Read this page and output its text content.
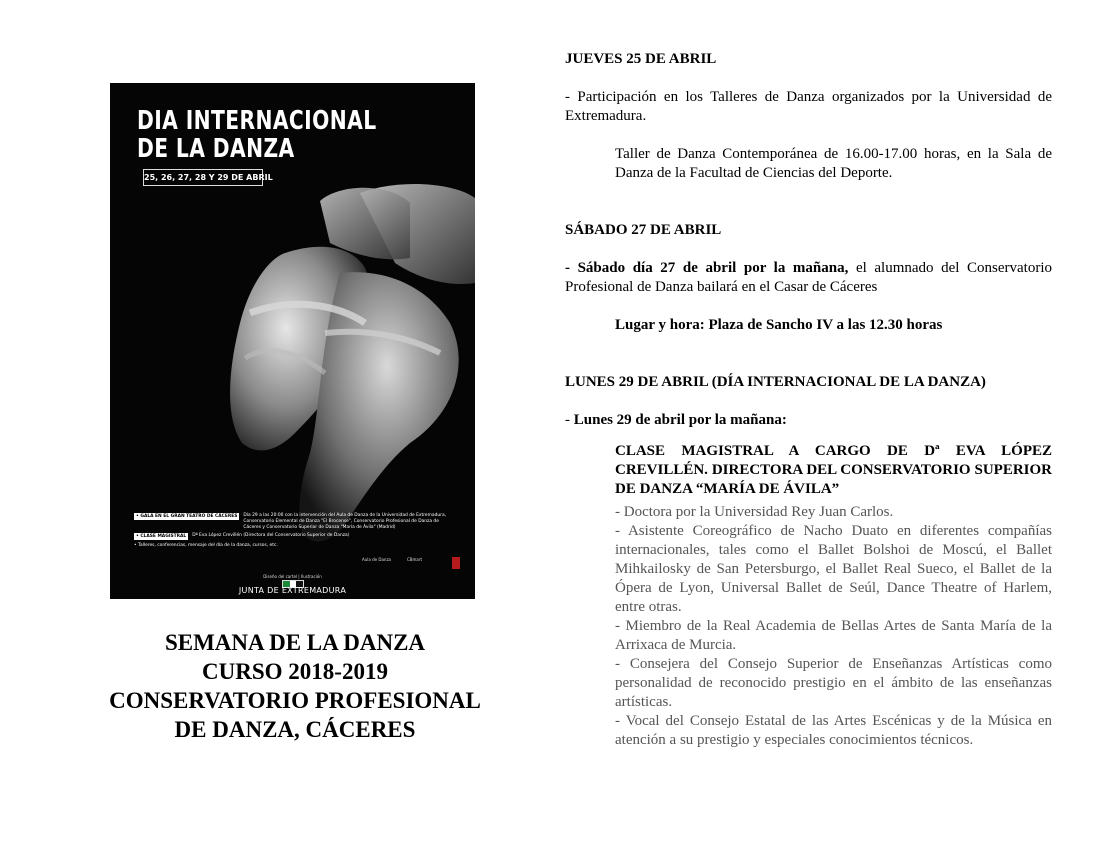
DIA INTERNACIONAL
DE LA DANZA
25, 26, 27, 28 Y 29 DE ABRIL
• GALA EN EL GRAN TEATRO DE CÁCERES	Día 29 a las 20:00 con la intervención del Aula de Danza de la Universidad de Extremadura, Conservatorio Elemental de Danza "El Brocense", Conservatorio Profesional de Danza de Cáceres y Conservatorio Superior de Danza "María de Ávila" (Madrid)
• CLASE MAGISTRAL	Dª Eva López Crevillén (Directora del Conservatorio Superior de Danza)
• Talleres, conferencias, mensaje del día de la danza, cursos, etc.
Aula de Danza	CBmart
Diseño del cartel | Ilustración
JUNTA DE EXTREMADURA
SEMANA DE LA DANZA
CURSO 2018-2019
CONSERVATORIO PROFESIONAL
DE DANZA, CÁCERES

JUEVES 25 DE ABRIL

- Participación en los Talleres de Danza organizados por la Universidad de Extremadura.

Taller de Danza Contemporánea de 16.00-17.00 horas, en la Sala de Danza de la Facultad de Ciencias del Deporte.

SÁBADO 27 DE ABRIL

- Sábado día 27 de abril por la mañana, el alumnado del Conservatorio Profesional de Danza bailará en el Casar de Cáceres

Lugar y hora: Plaza de Sancho IV a las 12.30 horas

LUNES 29 DE ABRIL (DÍA INTERNACIONAL DE LA DANZA)

- Lunes 29 de abril por la mañana:

CLASE MAGISTRAL A CARGO DE Dª EVA LÓPEZ CREVILLÉN. DIRECTORA DEL CONSERVATORIO SUPERIOR DE DANZA “MARÍA DE ÁVILA”

- Doctora por la Universidad Rey Juan Carlos.
- Asistente Coreográfico de Nacho Duato en diferentes compañías internacionales, tales como el Ballet Bolshoi de Moscú, el Ballet Mihkailosky de San Petersburgo, el Ballet Real Sueco, el Ballet de la Ópera de Lyon, Universal Ballet de Seúl, Dance Theatre of Harlem, entre otras.
- Miembro de la Real Academia de Bellas Artes de Santa María de la Arrixaca de Murcia.
- Consejera del Consejo Superior de Enseñanzas Artísticas como personalidad de reconocido prestigio en el ámbito de las enseñanzas artísticas.
- Vocal del Consejo Estatal de las Artes Escénicas y de la Música en atención a su prestigio y especiales conocimientos técnicos.
